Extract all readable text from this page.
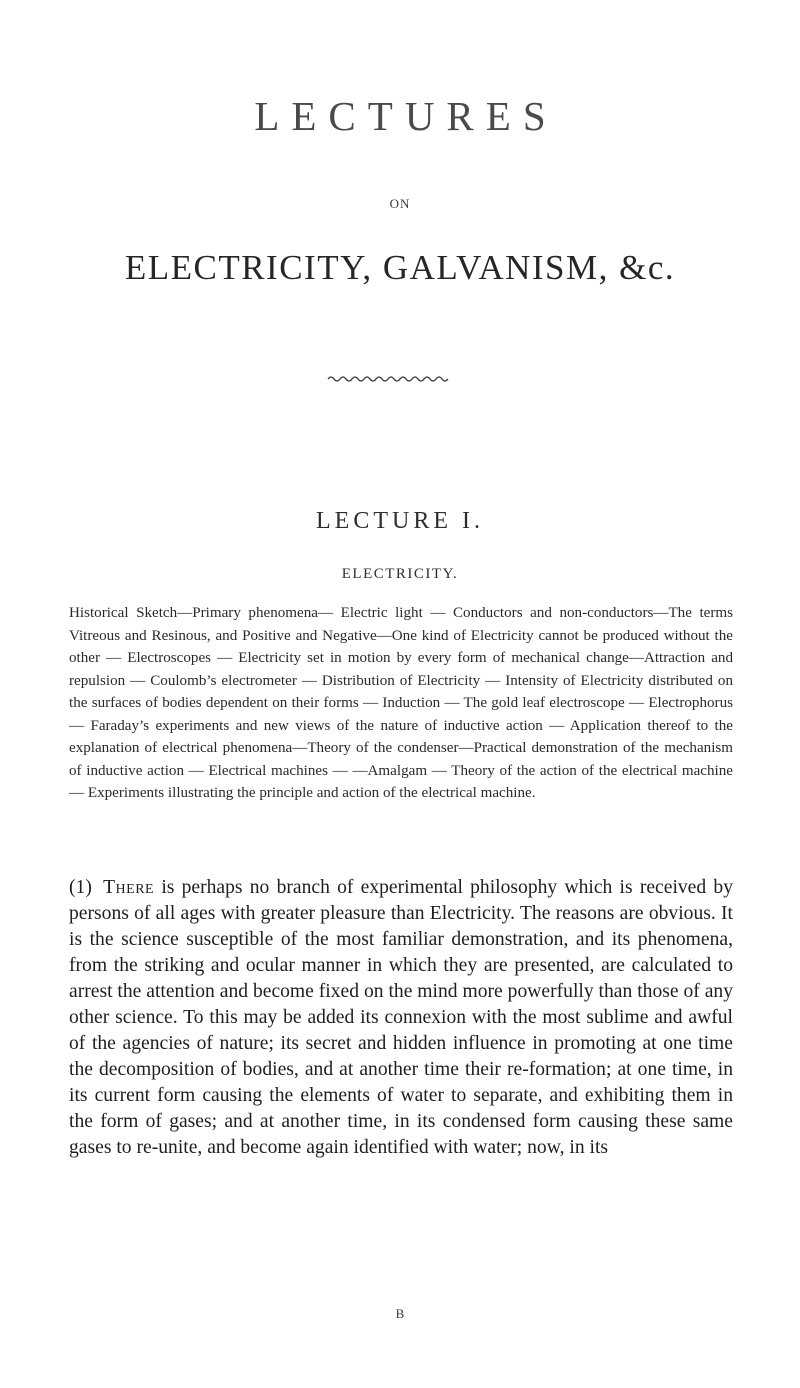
LECTURES
ON
ELECTRICITY, GALVANISM, &c.
LECTURE I.
ELECTRICITY.
Historical Sketch—Primary phenomena— Electric light — Conductors and non-conductors—The terms Vitreous and Resinous, and Positive and Negative—One kind of Electricity cannot be produced without the other — Electroscopes — Electricity set in motion by every form of mechanical change—Attraction and repulsion — Coulomb’s electrometer — Distribution of Electricity — Intensity of Electricity distributed on the surfaces of bodies dependent on their forms — Induction — The gold leaf electroscope — Electrophorus — Faraday’s experiments and new views of the nature of inductive action — Application thereof to the explanation of electrical phenomena—Theory of the condenser—Practical demonstration of the mechanism of inductive action — Electrical machines — —Amalgam — Theory of the action of the electrical machine — Experiments illustrating the principle and action of the electrical machine.
(1) There is perhaps no branch of experimental philosophy which is received by persons of all ages with greater pleasure than Electricity. The reasons are obvious. It is the science susceptible of the most familiar demonstration, and its phenomena, from the striking and ocular manner in which they are presented, are calculated to arrest the attention and become fixed on the mind more powerfully than those of any other science. To this may be added its connexion with the most sublime and awful of the agencies of nature; its secret and hidden influence in promoting at one time the decomposition of bodies, and at another time their re-formation; at one time, in its current form causing the elements of water to separate, and exhibiting them in the form of gases; and at another time, in its condensed form causing these same gases to re-unite, and become again identified with water; now, in its
B
